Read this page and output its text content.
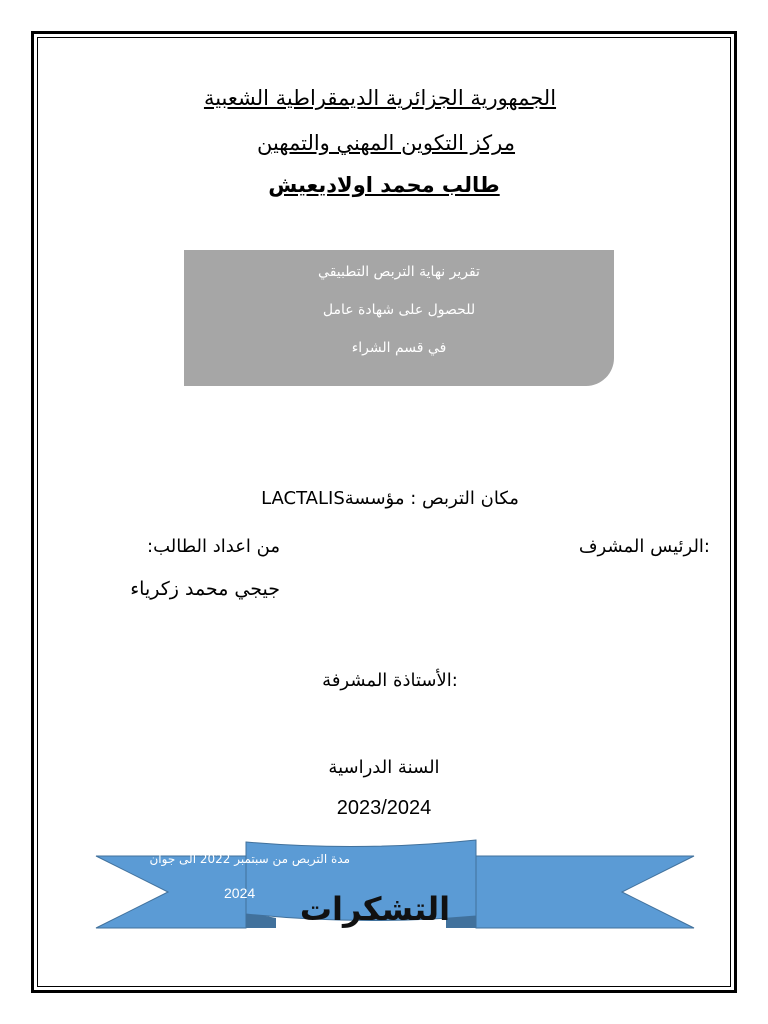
الجمهورية الجزائرية الديمقراطية الشعبية
مركز التكوين المهني والتمهين
طالب محمد اولاديعيش
تقرير نهاية التربص التطبيقي
للحصول على شهادة عامل
في قسم الشراء
مكان التربص : مؤسسةLACTALIS
:الرئيس المشرف
من اعداد الطالب:
جيجي محمد زكرياء
:الأستاذة المشرفة
السنة الدراسية
2023/2024
مدة التربص من سبتمبر 2022 الى جوان
2024	التشكرات
